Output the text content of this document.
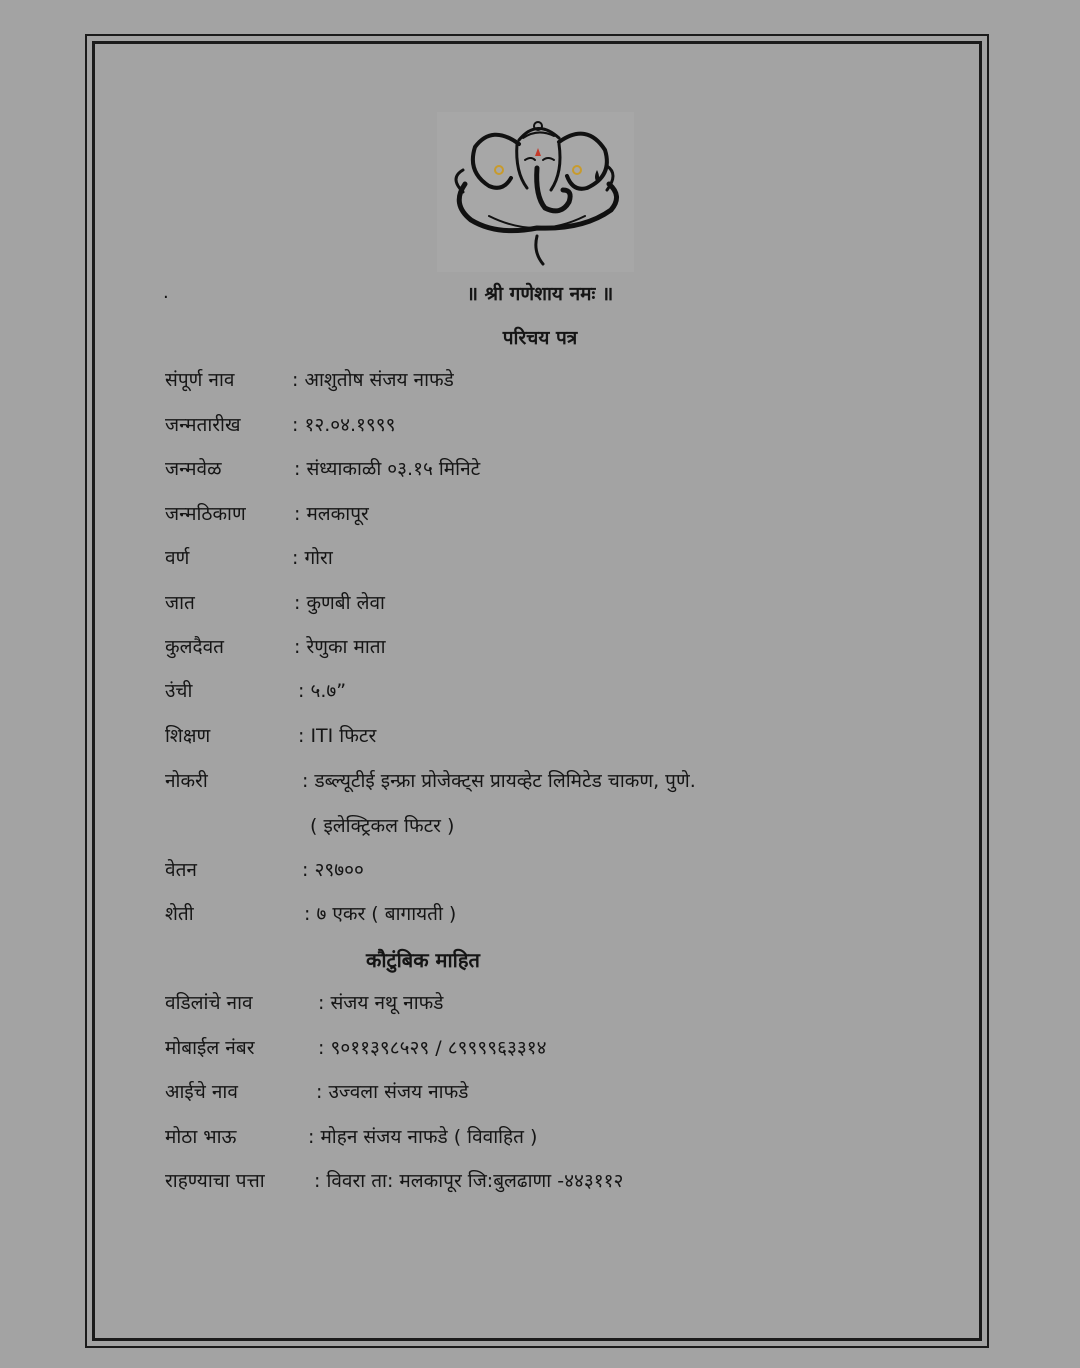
.	॥ श्री गणेशाय नमः ॥
परिचय पत्र
संपूर्ण नाव	: आशुतोष संजय नाफडे
जन्मतारीख	: १२.०४.१९९९
जन्मवेळ	: संध्याकाळी ०३.१५ मिनिटे
जन्मठिकाण	: मलकापूर
वर्ण	: गोरा
जात	: कुणबी लेवा
कुलदैवत	: रेणुका माता
उंची	: ५.७”
शिक्षण	: ITI फिटर
नोकरी	: डब्ल्यूटीई इन्फ्रा प्रोजेक्ट्स प्रायव्हेट लिमिटेड चाकण, पुणे.
( इलेक्ट्रिकल फिटर )
वेतन	: २९७००
शेती	: ७ एकर ( बागायती )
कौटुंबिक माहित
वडिलांचे नाव	: संजय नथू नाफडे
मोबाईल नंबर	: ९०११३९८५२९ / ८९९९९६३३१४
आईचे नाव	: उज्वला संजय नाफडे
मोठा भाऊ	: मोहन संजय नाफडे ( विवाहित )
राहण्याचा पत्ता	: विवरा ता: मलकापूर जि:बुलढाणा -४४३११२
